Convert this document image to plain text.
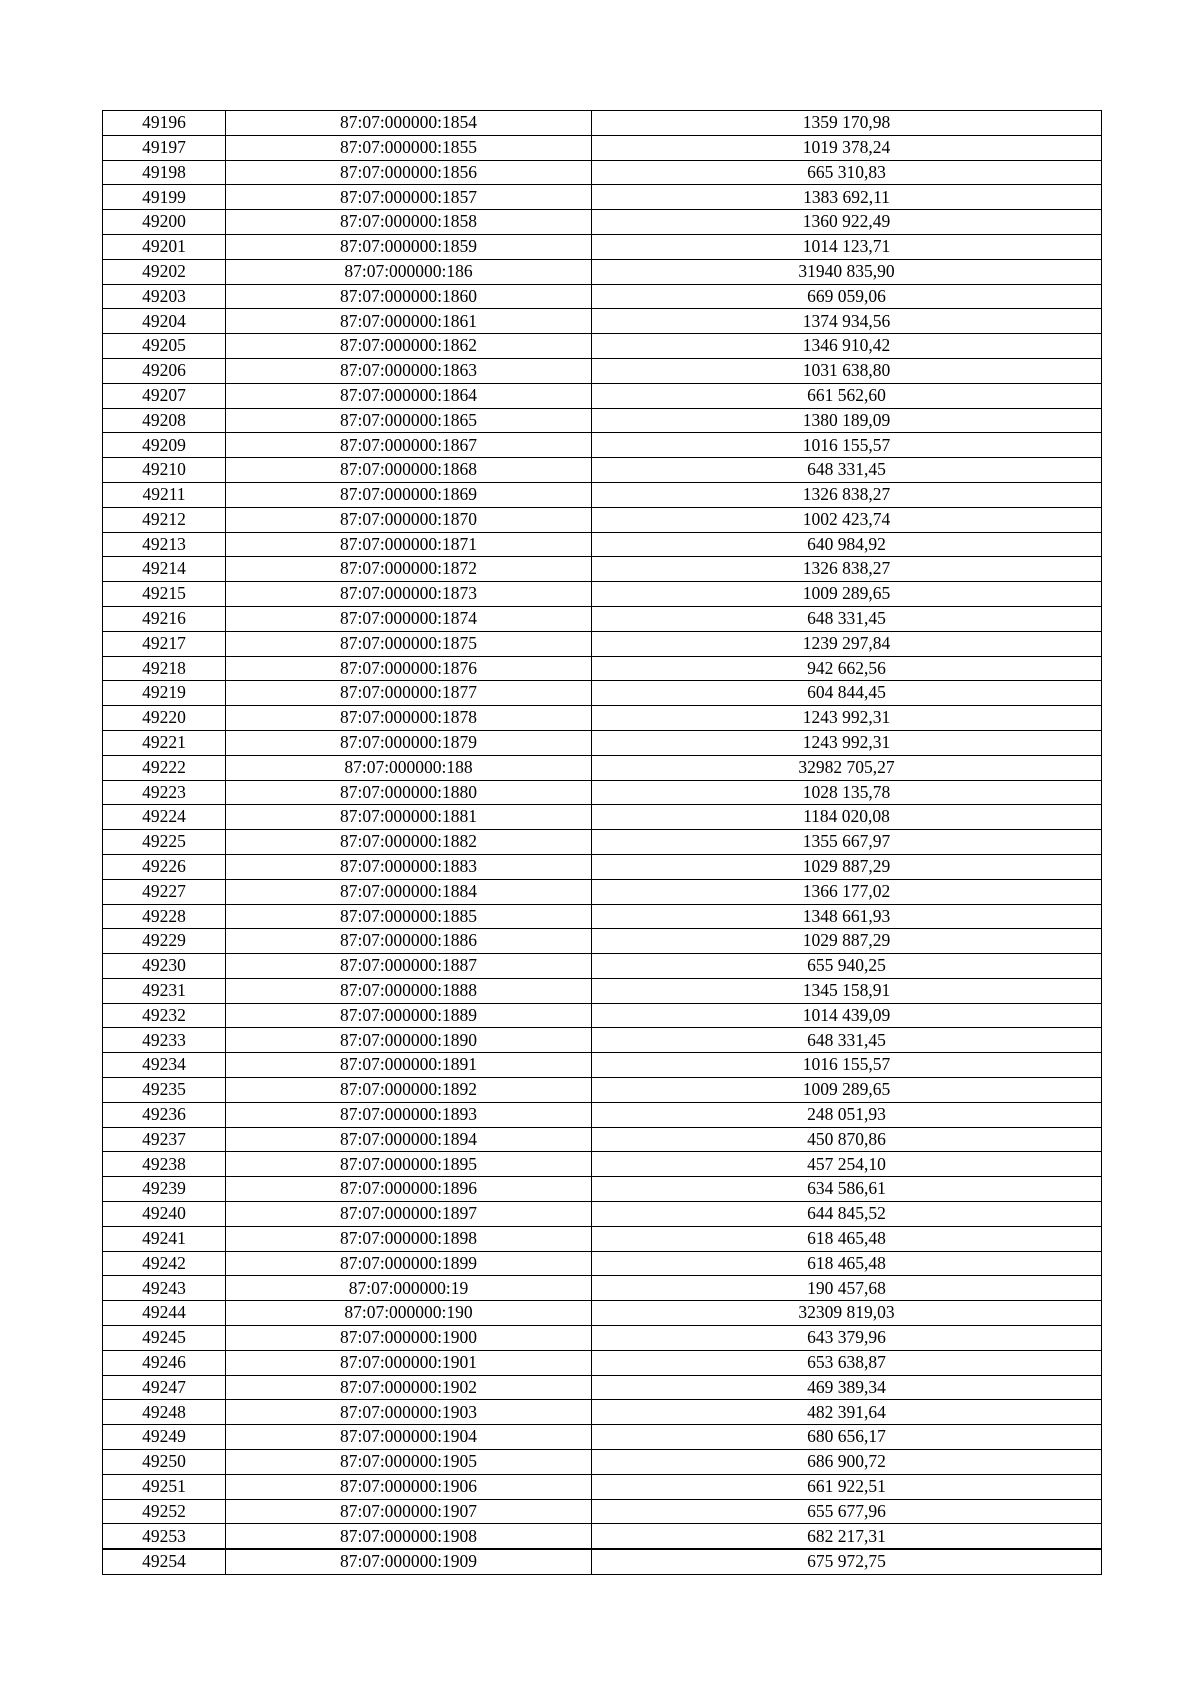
49196	87:07:000000:1854	1359 170,98
49197	87:07:000000:1855	1019 378,24
49198	87:07:000000:1856	665 310,83
49199	87:07:000000:1857	1383 692,11
49200	87:07:000000:1858	1360 922,49
49201	87:07:000000:1859	1014 123,71
49202	87:07:000000:186	31940 835,90
49203	87:07:000000:1860	669 059,06
49204	87:07:000000:1861	1374 934,56
49205	87:07:000000:1862	1346 910,42
49206	87:07:000000:1863	1031 638,80
49207	87:07:000000:1864	661 562,60
49208	87:07:000000:1865	1380 189,09
49209	87:07:000000:1867	1016 155,57
49210	87:07:000000:1868	648 331,45
49211	87:07:000000:1869	1326 838,27
49212	87:07:000000:1870	1002 423,74
49213	87:07:000000:1871	640 984,92
49214	87:07:000000:1872	1326 838,27
49215	87:07:000000:1873	1009 289,65
49216	87:07:000000:1874	648 331,45
49217	87:07:000000:1875	1239 297,84
49218	87:07:000000:1876	942 662,56
49219	87:07:000000:1877	604 844,45
49220	87:07:000000:1878	1243 992,31
49221	87:07:000000:1879	1243 992,31
49222	87:07:000000:188	32982 705,27
49223	87:07:000000:1880	1028 135,78
49224	87:07:000000:1881	1184 020,08
49225	87:07:000000:1882	1355 667,97
49226	87:07:000000:1883	1029 887,29
49227	87:07:000000:1884	1366 177,02
49228	87:07:000000:1885	1348 661,93
49229	87:07:000000:1886	1029 887,29
49230	87:07:000000:1887	655 940,25
49231	87:07:000000:1888	1345 158,91
49232	87:07:000000:1889	1014 439,09
49233	87:07:000000:1890	648 331,45
49234	87:07:000000:1891	1016 155,57
49235	87:07:000000:1892	1009 289,65
49236	87:07:000000:1893	248 051,93
49237	87:07:000000:1894	450 870,86
49238	87:07:000000:1895	457 254,10
49239	87:07:000000:1896	634 586,61
49240	87:07:000000:1897	644 845,52
49241	87:07:000000:1898	618 465,48
49242	87:07:000000:1899	618 465,48
49243	87:07:000000:19	190 457,68
49244	87:07:000000:190	32309 819,03
49245	87:07:000000:1900	643 379,96
49246	87:07:000000:1901	653 638,87
49247	87:07:000000:1902	469 389,34
49248	87:07:000000:1903	482 391,64
49249	87:07:000000:1904	680 656,17
49250	87:07:000000:1905	686 900,72
49251	87:07:000000:1906	661 922,51
49252	87:07:000000:1907	655 677,96
49253	87:07:000000:1908	682 217,31
49254	87:07:000000:1909	675 972,75
